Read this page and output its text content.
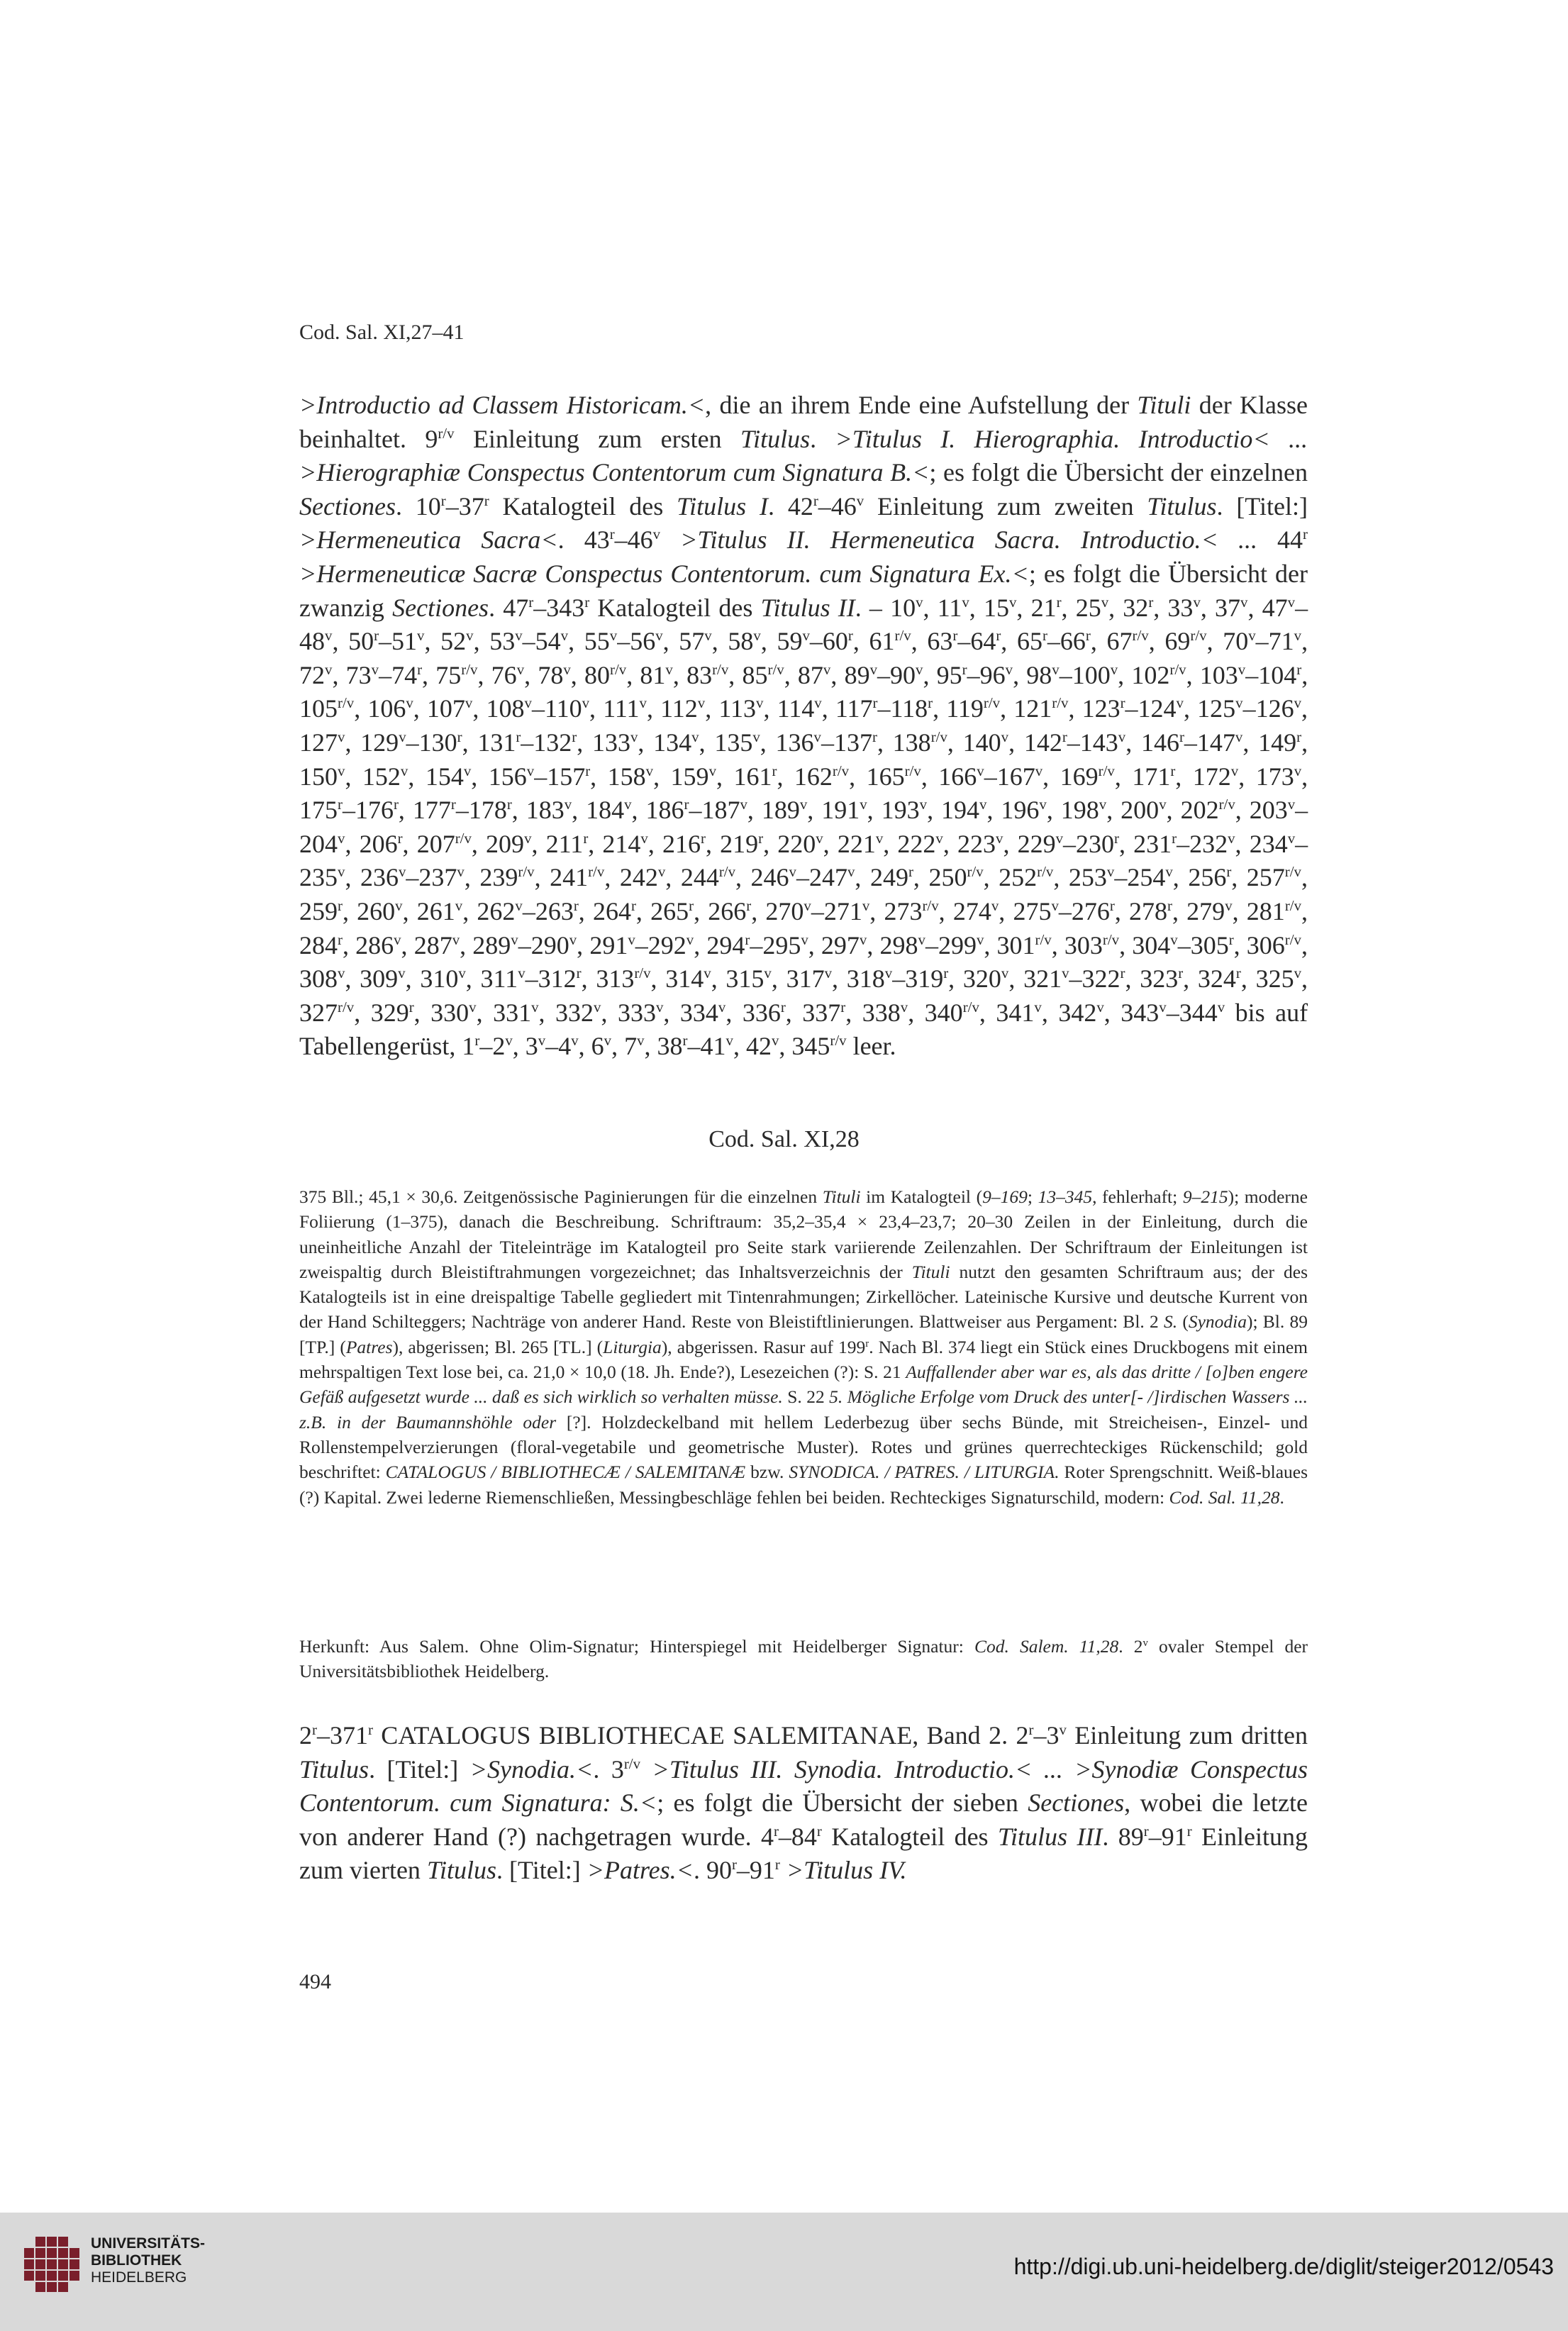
Cod. Sal. XI,27–41
>Introductio ad Classem Historicam.<, die an ihrem Ende eine Aufstellung der Tituli der Klasse beinhaltet. $9^{r/v}$ Einleitung zum ersten Titulus. >Titulus I. Hierographia. Introductio< ... >Hierographiæ Conspectus Contentorum cum Signatura B.<; es folgt die Übersicht der einzelnen Sectiones. 10$^r$–37$^r$ Katalogteil des Titulus I. 42$^r$–46$^v$ Einleitung zum zweiten Titulus. [Titel:] >Hermeneutica Sacra<. $43^r-46^v$ >Titulus II. Hermeneutica Sacra. Introductio.< ... $44^r$ >Hermeneuticæ Sacræ Conspectus Contentorum. cum Signatura Ex.<; es folgt die Übersicht der zwanzig Sectiones. 47$^r$–343$^r$ Katalogteil des Titulus II. – 10$^v$, 11$^v$, 15$^v$, 21$^r$, 25$^v$, 32$^r$, 33$^v$, 37$^v$, 47$^v$–48$^v$, 50$^r$–51$^v$, 52$^v$, 53$^v$–54$^v$, 55$^v$–56$^v$, 57$^v$, 58$^v$, 59$^v$–60$^r$, $61^{r/v}$, 63$^r$–64$^r$, 65$^r$–66$^r$, $67^{r/v}$, $69^{r/v}$, 70$^v$–71$^v$, 72$^v$, 73$^v$–74$^r$, $75^{r/v}$, 76$^v$, 78$^v$, $80^{r/v}$, 81$^v$, $83^{r/v}$, $85^{r/v}$, 87$^v$, 89$^v$–90$^v$, 95$^r$–96$^v$, 98$^v$–100$^v$, $102^{r/v}$, 103$^v$–104$^r$, $105^{r/v}$, 106$^v$, 107$^v$, 108$^v$–110$^v$, 111$^v$, 112$^v$, 113$^v$, 114$^v$, 117$^r$–118$^r$, $119^{r/v}$, $121^{r/v}$, 123$^r$–124$^v$, 125$^v$–126$^v$, 127$^v$, 129$^v$–130$^r$, 131$^r$–132$^r$, 133$^v$, 134$^v$, 135$^v$, 136$^v$–137$^r$, $138^{r/v}$, 140$^v$, 142$^r$–143$^v$, 146$^r$–147$^v$, 149$^r$, 150$^v$, 152$^v$, 154$^v$, 156$^v$–157$^r$, 158$^v$, 159$^v$, 161$^r$, $162^{r/v}$, $165^{r/v}$, 166$^v$–167$^v$, $169^{r/v}$, 171$^r$, 172$^v$, 173$^v$, 175$^r$–176$^r$, 177$^r$–178$^r$, 183$^v$, 184$^v$, 186$^r$–187$^v$, 189$^v$, 191$^v$, 193$^v$, 194$^v$, 196$^v$, 198$^v$, 200$^v$, $202^{r/v}$, 203$^v$–204$^v$, 206$^r$, $207^{r/v}$, 209$^v$, 211$^r$, 214$^v$, 216$^r$, 219$^r$, 220$^v$, 221$^v$, 222$^v$, 223$^v$, 229$^v$–230$^r$, 231$^r$–232$^v$, 234$^v$–235$^v$, 236$^v$–237$^v$, $239^{r/v}$, $241^{r/v}$, 242$^v$, $244^{r/v}$, 246$^v$–247$^v$, 249$^r$, $250^{r/v}$, $252^{r/v}$, 253$^v$–254$^v$, 256$^r$, $257^{r/v}$, 259$^r$, 260$^v$, 261$^v$, 262$^v$–263$^r$, 264$^r$, 265$^r$, 266$^r$, 270$^v$–271$^v$, $273^{r/v}$, 274$^v$, 275$^v$–276$^r$, 278$^r$, 279$^v$, $281^{r/v}$, 284$^r$, 286$^v$, 287$^v$, 289$^v$–290$^v$, 291$^v$–292$^v$, 294$^r$–295$^v$, 297$^v$, 298$^v$–299$^v$, $301^{r/v}$, $303^{r/v}$, 304$^v$–305$^r$, $306^{r/v}$, 308$^v$, 309$^v$, 310$^v$, 311$^v$–312$^r$, $313^{r/v}$, 314$^v$, 315$^v$, 317$^v$, 318$^v$–319$^r$, 320$^v$, 321$^v$–322$^r$, 323$^r$, 324$^r$, 325$^v$, $327^{r/v}$, 329$^r$, 330$^v$, 331$^v$, 332$^v$, 333$^v$, 334$^v$, 336$^r$, 337$^r$, 338$^v$, $340^{r/v}$, 341$^v$, 342$^v$, 343$^v$–344$^v$ bis auf Tabellengerüst, 1$^r$–2$^v$, 3$^v$–4$^v$, 6$^v$, 7$^v$, 38$^r$–41$^v$, 42$^v$, $345^{r/v}$ leer.
Cod. Sal. XI,28
375 Bll.; 45,1 × 30,6. Zeitgenössische Paginierungen für die einzelnen Tituli im Katalogteil (9–169; 13–345, fehlerhaft; 9–215); moderne Foliierung (1–375), danach die Beschreibung. Schriftraum: 35,2–35,4 × 23,4–23,7; 20–30 Zeilen in der Einleitung, durch die uneinheitliche Anzahl der Titeleinträge im Katalogteil pro Seite stark variierende Zeilenzahlen. Der Schriftraum der Einleitungen ist zweispaltig durch Bleistiftrahmungen vorgezeichnet; das Inhaltsverzeichnis der Tituli nutzt den gesamten Schriftraum aus; der des Katalogteils ist in eine dreispaltige Tabelle gegliedert mit Tintenrahmungen; Zirkellöcher. Lateinische Kursive und deutsche Kurrent von der Hand Schilteggers; Nachträge von anderer Hand. Reste von Bleistiftlinierungen. Blattweiser aus Pergament: Bl. 2 S. (Synodia); Bl. 89 [TP.] (Patres), abgerissen; Bl. 265 [TL.] (Liturgia), abgerissen. Rasur auf 199$^r$. Nach Bl. 374 liegt ein Stück eines Druckbogens mit einem mehrspaltigen Text lose bei, ca. 21,0 × 10,0 (18. Jh. Ende?), Lesezeichen (?): S. 21 Auffallender aber war es, als das dritte / [o]ben engere Gefäß aufgesetzt wurde ... daß es sich wirklich so verhalten müsse. S. 22 5. Mögliche Erfolge vom Druck des unter[- /]irdischen Wassers ... z.B. in der Baumannshöhle oder [?]. Holzdeckelband mit hellem Lederbezug über sechs Bünde, mit Streicheisen-, Einzel- und Rollenstempelverzierungen (floral-vegetabile und geometrische Muster). Rotes und grünes querrechteckiges Rückenschild; gold beschriftet: CATALOGUS / BIBLIOTHECÆ / SALEMITANÆ bzw. SYNODICA. / PATRES. / LITURGIA. Roter Sprengschnitt. Weiß-blaues (?) Kapital. Zwei lederne Riemenschließen, Messingbeschläge fehlen bei beiden. Rechteckiges Signaturschild, modern: Cod. Sal. 11,28.
Herkunft: Aus Salem. Ohne Olim-Signatur; Hinterspiegel mit Heidelberger Signatur: Cod. Salem. 11,28. 2$^v$ ovaler Stempel der Universitätsbibliothek Heidelberg.
2$^r$–371$^r$ CATALOGUS BIBLIOTHECAE SALEMITANAE, Band 2. 2$^r$–3$^v$ Einleitung zum dritten Titulus. [Titel:] >Synodia.<. $3^{r/v}$ >Titulus III. Synodia. Introductio.< ... >Synodiæ Conspectus Contentorum. cum Signatura: S.<; es folgt die Übersicht der sieben Sectiones, wobei die letzte von anderer Hand (?) nachgetragen wurde. 4$^r$–84$^r$ Katalogteil des Titulus III. 89$^r$–91$^r$ Einleitung zum vierten Titulus. [Titel:] >Patres.<. $90^r-91^r$ >Titulus IV.
494
UNIVERSITÄTS-
BIBLIOTHEK
HEIDELBERG	http://digi.ub.uni-heidelberg.de/diglit/steiger2012/0543
